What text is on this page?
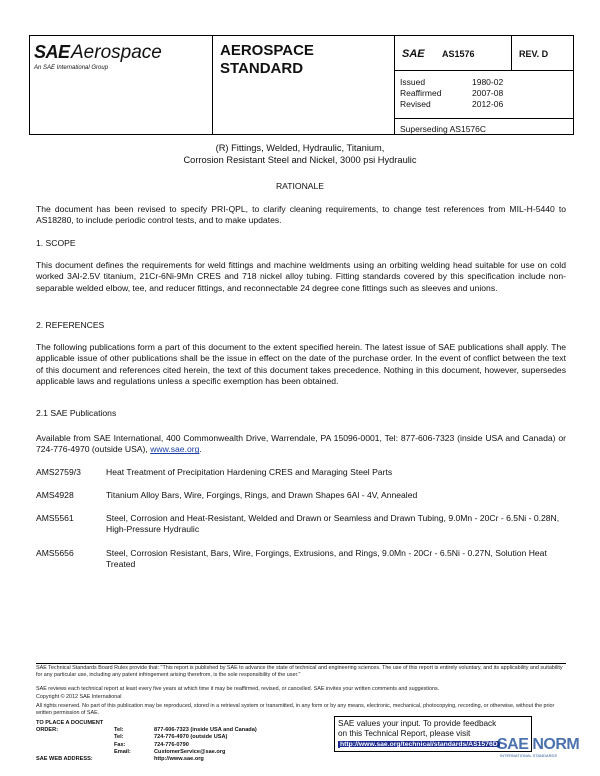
SAE Aerospace
An SAE International Group
AEROSPACE
STANDARD
SAE AS1576	REV. D
Issued	1980-02
Reaffirmed	2007-08
Revised	2012-06
Superseding AS1576C
(R) Fittings, Welded, Hydraulic, Titanium,
Corrosion Resistant Steel and Nickel, 3000 psi Hydraulic
RATIONALE
The document has been revised to specify PRI-QPL, to clarify cleaning requirements, to change test references from MIL-H-5440 to AS18280, to include periodic control tests, and to make updates.
1. SCOPE
This document defines the requirements for weld fittings and machine weldments using an orbiting welding head suitable for use on cold worked 3Al-2.5V titanium, 21Cr-6Ni-9Mn CRES and 718 nickel alloy tubing. Fitting standards covered by this specification include non-separable welded elbow, tee, and reducer fittings, and reconnectable 24 degree cone fittings such as sleeves and unions.
2. REFERENCES
The following publications form a part of this document to the extent specified herein. The latest issue of SAE publications shall apply. The applicable issue of other publications shall be the issue in effect on the date of the purchase order. In the event of conflict between the text of this document and references cited herein, the text of this document takes precedence. Nothing in this document, however, supersedes applicable laws and regulations unless a specific exemption has been obtained.
2.1 SAE Publications
Available from SAE International, 400 Commonwealth Drive, Warrendale, PA 15096-0001, Tel: 877-606-7323 (inside USA and Canada) or 724-776-4970 (outside USA), www.sae.org.
AMS2759/3	Heat Treatment of Precipitation Hardening CRES and Maraging Steel Parts
AMS4928	Titanium Alloy Bars, Wire, Forgings, Rings, and Drawn Shapes 6Al - 4V, Annealed
AMS5561	Steel, Corrosion and Heat-Resistant, Welded and Drawn or Seamless and Drawn Tubing, 9.0Mn - 20Cr - 6.5Ni - 0.28N, High-Pressure Hydraulic
AMS5656	Steel, Corrosion Resistant, Bars, Wire, Forgings, Extrusions, and Rings, 9.0Mn - 20Cr - 6.5Ni - 0.27N, Solution Heat Treated
SAE Technical Standards Board Rules provide that: "This report is published by SAE to advance the state of technical and engineering sciences. The use of this report is entirely voluntary, and its applicability and suitability for any particular use, including any patent infringement arising therefrom, is the sole responsibility of the user."
SAE reviews each technical report at least every five years at which time it may be reaffirmed, revised, or cancelled. SAE invites your written comments and suggestions.
Copyright © 2012 SAE International
All rights reserved. No part of this publication may be reproduced, stored in a retrieval system or transmitted, in any form or by any means, electronic, mechanical, photocopying, recording, or otherwise, without the prior written permission of SAE.
TO PLACE A DOCUMENT ORDER:	Tel:	877-606-7323 (inside USA and Canada)
Tel:	724-776-4970 (outside USA)
Fax:	724-776-0790
Email:	CustomerService@sae.org
SAE WEB ADDRESS:	http://www.sae.org
SAE values your input. To provide feedback
on this Technical Report, please visit
http://www.sae.org/technical/standards/AS1576D SAE NORM
INTERNATIONAL STANDARDS
